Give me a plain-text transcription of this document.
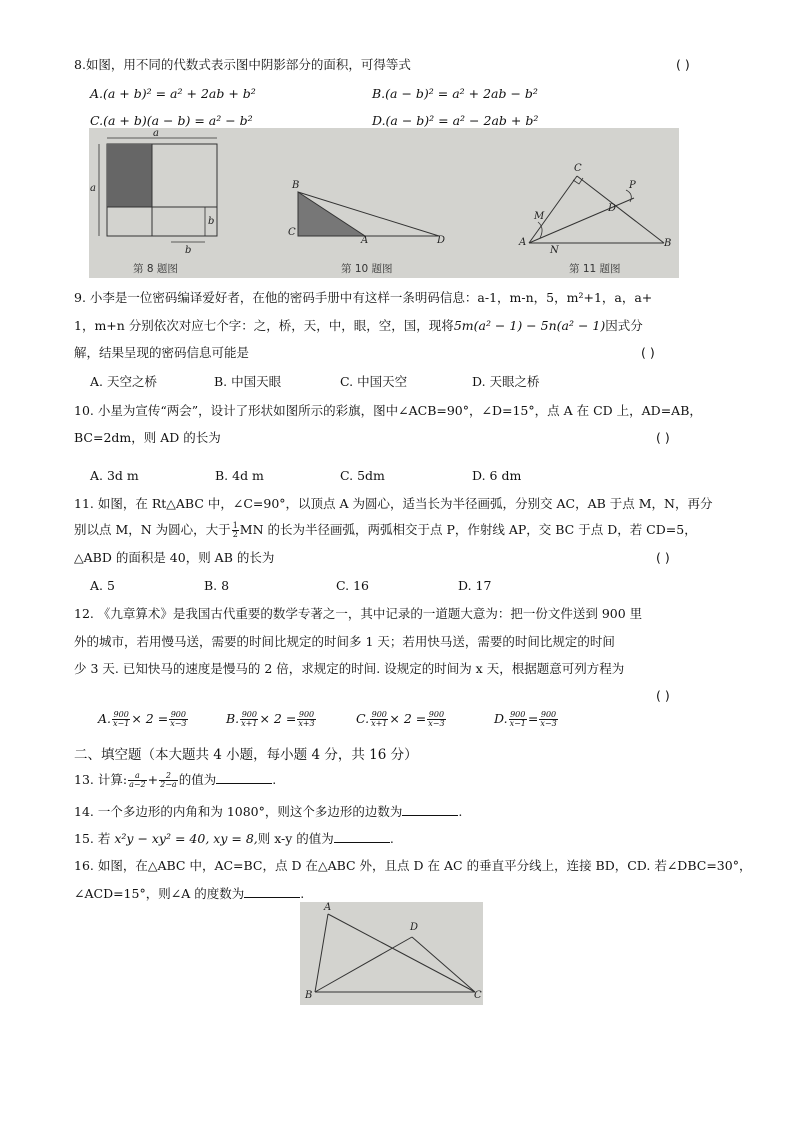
8.如图，用不同的代数式表示图中阴影部分的面积，可得等式	( )
A.(a + b)² = a² + 2ab + b²	B.(a − b)² = a² + 2ab − b²
C.(a + b)(a − b) = a² − b²	D.(a − b)² = a² − 2ab + b²
a
a
b
b
B
C
A	D
C
P
M
D
A
N
B
第 8 题图	第 10 题图	第 11 题图
9. 小李是一位密码编译爱好者，在他的密码手册中有这样一条明码信息：a-1，m-n，5，m²+1，a，a+
1，m+n 分别依次对应七个字：之，桥，天，中，眼，空，国，现将5m(a² − 1) − 5n(a² − 1)因式分
解，结果呈现的密码信息可能是	( )
A. 天空之桥	B. 中国天眼	C. 中国天空	D. 天眼之桥
10. 小星为宣传“两会”，设计了形状如图所示的彩旗，图中∠ACB=90°，∠D=15°，点 A 在 CD 上，AD=AB，
BC=2dm，则 AD 的长为	( )
A. 3d m	B. 4d m	C. 5dm	D. 6 dm
11. 如图，在 Rt△ABC 中，∠C=90°，以顶点 A 为圆心，适当长为半径画弧，分别交 AC，AB 于点 M，N，再分
别以点 M，N 为圆心，大于 $\frac{1}{2}$ MN 的长为半径画弧，两弧相交于点 P，作射线 AP，交 BC 于点 D，若 CD=5，
△ABD 的面积是 40，则 AB 的长为	( )
A. 5	B. 8	C. 16	D. 17
12. 《九章算术》是我国古代重要的数学专著之一，其中记录的一道题大意为：把一份文件送到 900 里
外的城市，若用慢马送，需要的时间比规定的时间多 1 天；若用快马送，需要的时间比规定的时间
少 3 天. 已知快马的速度是慢马的 2 倍，求规定的时间. 设规定的时间为 x 天，根据题意可列方程为
( )
A. $\frac{900}{x-1} \times 2 = \frac{900}{x-3}$	B. $\frac{900}{x+1} \times 2 = \frac{900}{x+3}$	C. $\frac{900}{x+1} \times 2 = \frac{900}{x-3}$	D. $\frac{900}{x-1} = \frac{900}{x-3}$
二、填空题（本大题共 4 小题，每小题 4 分，共 16 分）
13. 计算: $\frac{a}{a-2} + \frac{2}{2-a}$ 的值为	.
14. 一个多边形的内角和为 1080°，则这个多边形的边数为	.
15. 若 x²y − xy² = 40, xy = 8,则 x-y 的值为	.
16. 如图，在△ABC 中，AC=BC，点 D 在△ABC 外，且点 D 在 AC 的垂直平分线上，连接 BD，CD. 若∠DBC=30°，
∠ACD=15°，则∠A 的度数为	.
A
D
B	C
